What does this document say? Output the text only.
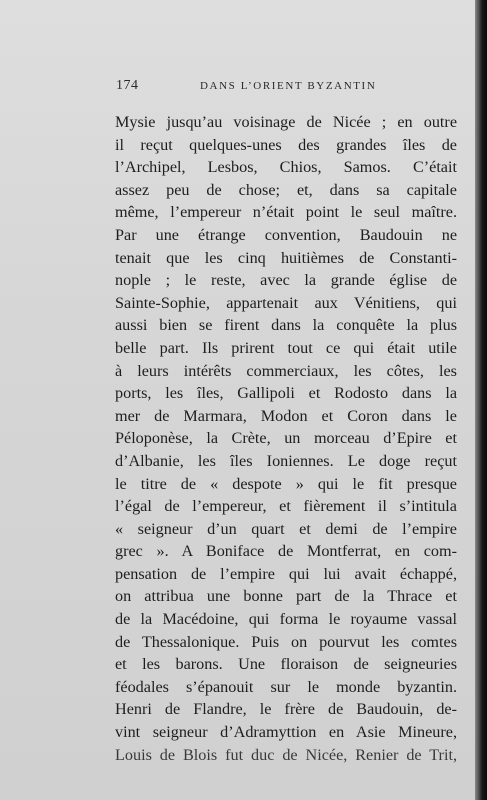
174	DANS L’ORIENT BYZANTIN
Mysie jusqu’au voisinage de Nicée ; en outre
il reçut quelques-unes des grandes îles de
l’Archipel, Lesbos, Chios, Samos. C’était
assez peu de chose; et, dans sa capitale
même, l’empereur n’était point le seul maître.
Par une étrange convention, Baudouin ne
tenait que les cinq huitièmes de Constanti-
nople ; le reste, avec la grande église de
Sainte-Sophie, appartenait aux Vénitiens, qui
aussi bien se firent dans la conquête la plus
belle part. Ils prirent tout ce qui était utile
à leurs intérêts commerciaux, les côtes, les
ports, les îles, Gallipoli et Rodosto dans la
mer de Marmara, Modon et Coron dans le
Péloponèse, la Crète, un morceau d’Epire et
d’Albanie, les îles Ioniennes. Le doge reçut
le titre de « despote » qui le fit presque
l’égal de l’empereur, et fièrement il s’intitula
« seigneur d’un quart et demi de l’empire
grec ». A Boniface de Montferrat, en com-
pensation de l’empire qui lui avait échappé,
on attribua une bonne part de la Thrace et
de la Macédoine, qui forma le royaume vassal
de Thessalonique. Puis on pourvut les comtes
et les barons. Une floraison de seigneuries
féodales s’épanouit sur le monde byzantin.
Henri de Flandre, le frère de Baudouin, de-
vint seigneur d’Adramyttion en Asie Mineure,
Louis de Blois fut duc de Nicée, Renier de Trit,
